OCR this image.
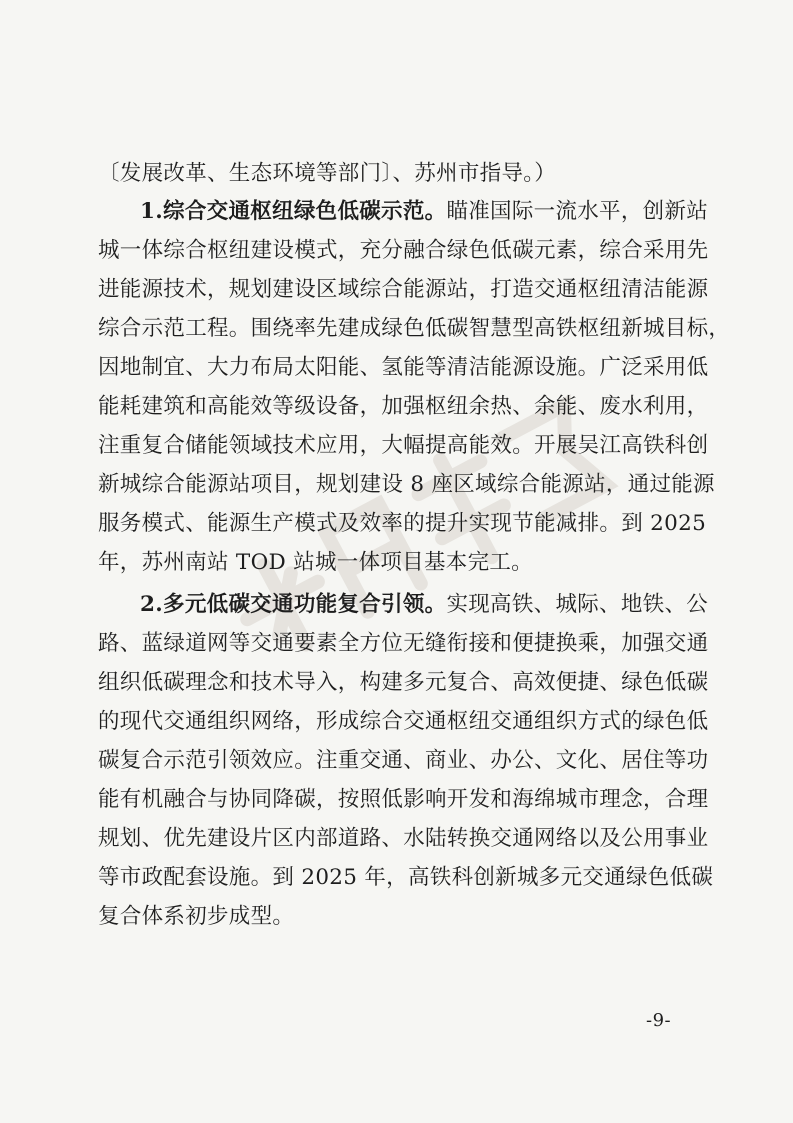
〔发展改革、生态环境等部门〕、苏州市指导。）
1.综合交通枢纽绿色低碳示范。瞄准国际一流水平，创新站
城一体综合枢纽建设模式，充分融合绿色低碳元素，综合采用先
进能源技术，规划建设区域综合能源站，打造交通枢纽清洁能源
综合示范工程。围绕率先建成绿色低碳智慧型高铁枢纽新城目标，
因地制宜、大力布局太阳能、氢能等清洁能源设施。广泛采用低
能耗建筑和高能效等级设备，加强枢纽余热、余能、废水利用，
注重复合储能领域技术应用，大幅提高能效。开展吴江高铁科创
新城综合能源站项目，规划建设 8 座区域综合能源站，通过能源
服务模式、能源生产模式及效率的提升实现节能减排。到 2025
年，苏州南站 TOD 站城一体项目基本完工。
2.多元低碳交通功能复合引领。实现高铁、城际、地铁、公
路、蓝绿道网等交通要素全方位无缝衔接和便捷换乘，加强交通
组织低碳理念和技术导入，构建多元复合、高效便捷、绿色低碳
的现代交通组织网络，形成综合交通枢纽交通组织方式的绿色低
碳复合示范引领效应。注重交通、商业、办公、文化、居住等功
能有机融合与协同降碳，按照低影响开发和海绵城市理念，合理
规划、优先建设片区内部道路、水陆转换交通网络以及公用事业
等市政配套设施。到 2025 年，高铁科创新城多元交通绿色低碳
复合体系初步成型。
-9-
